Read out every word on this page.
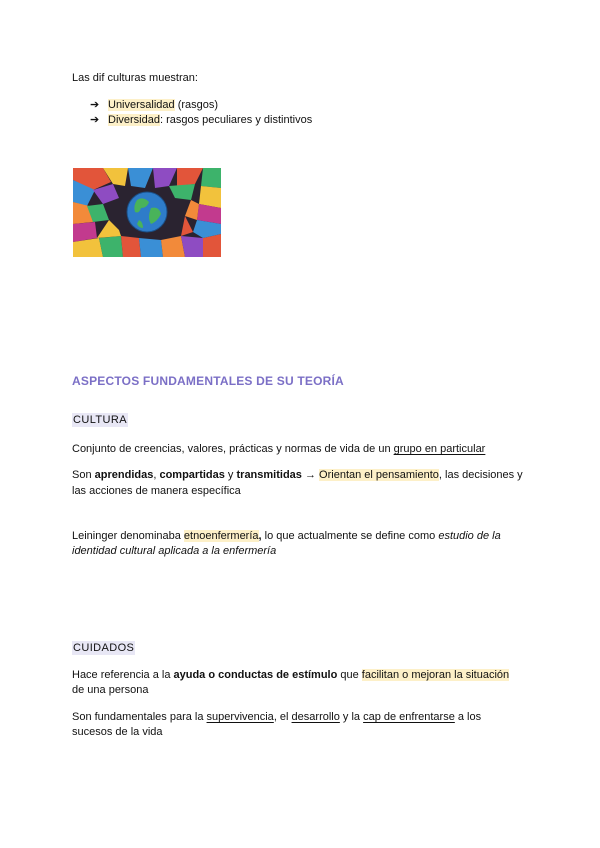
Las dif culturas muestran:
➔ Universalidad (rasgos)
➔ Diversidad: rasgos peculiares y distintivos
ASPECTOS FUNDAMENTALES DE SU TEORÍA
CULTURA
Conjunto de creencias, valores, prácticas y normas de vida de un grupo en particular
Son aprendidas, compartidas y transmitidas → Orientan el pensamiento, las decisiones y
las acciones de manera específica
Leininger denominaba etnoenfermería, lo que actualmente se define como estudio de la
identidad cultural aplicada a la enfermería
CUIDADOS
Hace referencia a la ayuda o conductas de estímulo que facilitan o mejoran la situación
de una persona
Son fundamentales para la supervivencia, el desarrollo y la cap de enfrentarse a los
sucesos de la vida
